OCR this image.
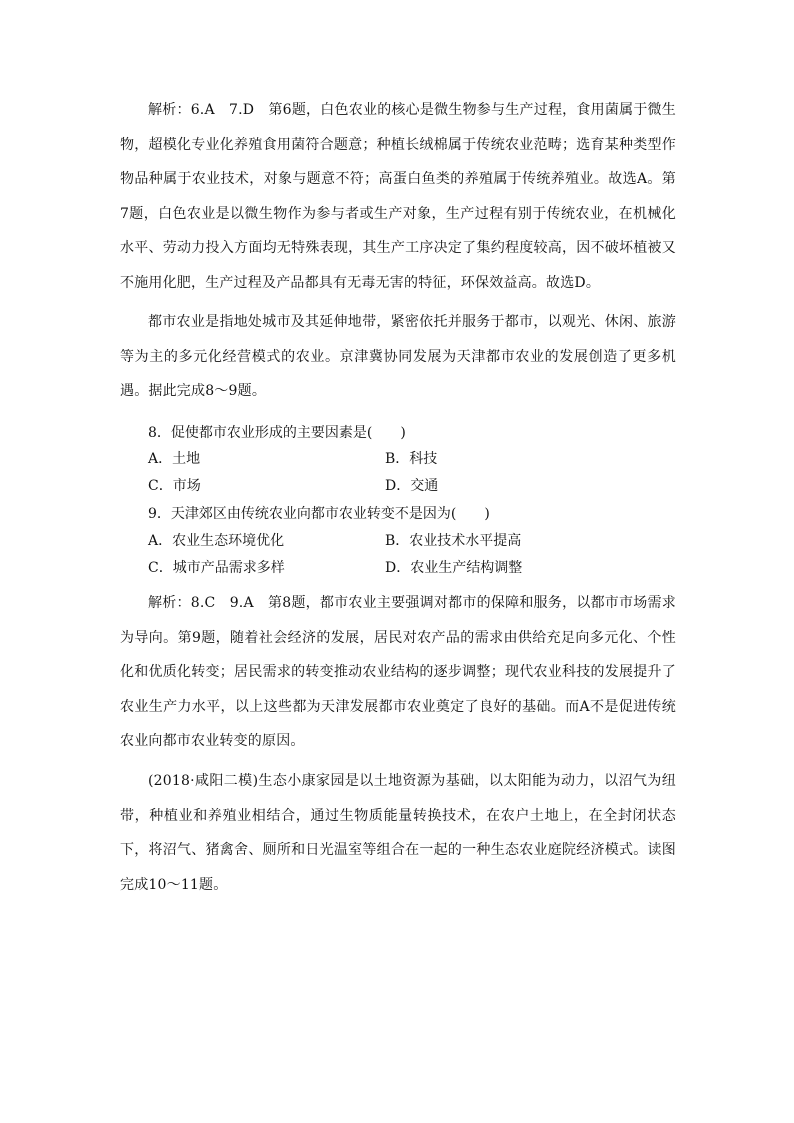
解析：6.A　7.D　第6题，白色农业的核心是微生物参与生产过程，食用菌属于微生物，超模化专业化养殖食用菌符合题意；种植长绒棉属于传统农业范畴；选育某种类型作物品种属于农业技术，对象与题意不符；高蛋白鱼类的养殖属于传统养殖业。故选A。第7题，白色农业是以微生物作为参与者或生产对象，生产过程有别于传统农业，在机械化水平、劳动力投入方面均无特殊表现，其生产工序决定了集约程度较高，因不破坏植被又不施用化肥，生产过程及产品都具有无毒无害的特征，环保效益高。故选D。

都市农业是指地处城市及其延伸地带，紧密依托并服务于都市，以观光、休闲、旅游等为主的多元化经营模式的农业。京津冀协同发展为天津都市农业的发展创造了更多机遇。据此完成8～9题。

8．促使都市农业形成的主要因素是(　　)

A．土地	B．科技

C．市场	D．交通

9．天津郊区由传统农业向都市农业转变不是因为(　　)

A．农业生态环境优化	B．农业技术水平提高

C．城市产品需求多样	D．农业生产结构调整

解析：8.C　9.A　第8题，都市农业主要强调对都市的保障和服务，以都市市场需求为导向。第9题，随着社会经济的发展，居民对农产品的需求由供给充足向多元化、个性化和优质化转变；居民需求的转变推动农业结构的逐步调整；现代农业科技的发展提升了农业生产力水平，以上这些都为天津发展都市农业奠定了良好的基础。而A不是促进传统农业向都市农业转变的原因。

(2018·咸阳二模)生态小康家园是以土地资源为基础，以太阳能为动力，以沼气为纽带，种植业和养殖业相结合，通过生物质能量转换技术，在农户土地上，在全封闭状态下，将沼气、猪禽舍、厕所和日光温室等组合在一起的一种生态农业庭院经济模式。读图完成10～11题。
